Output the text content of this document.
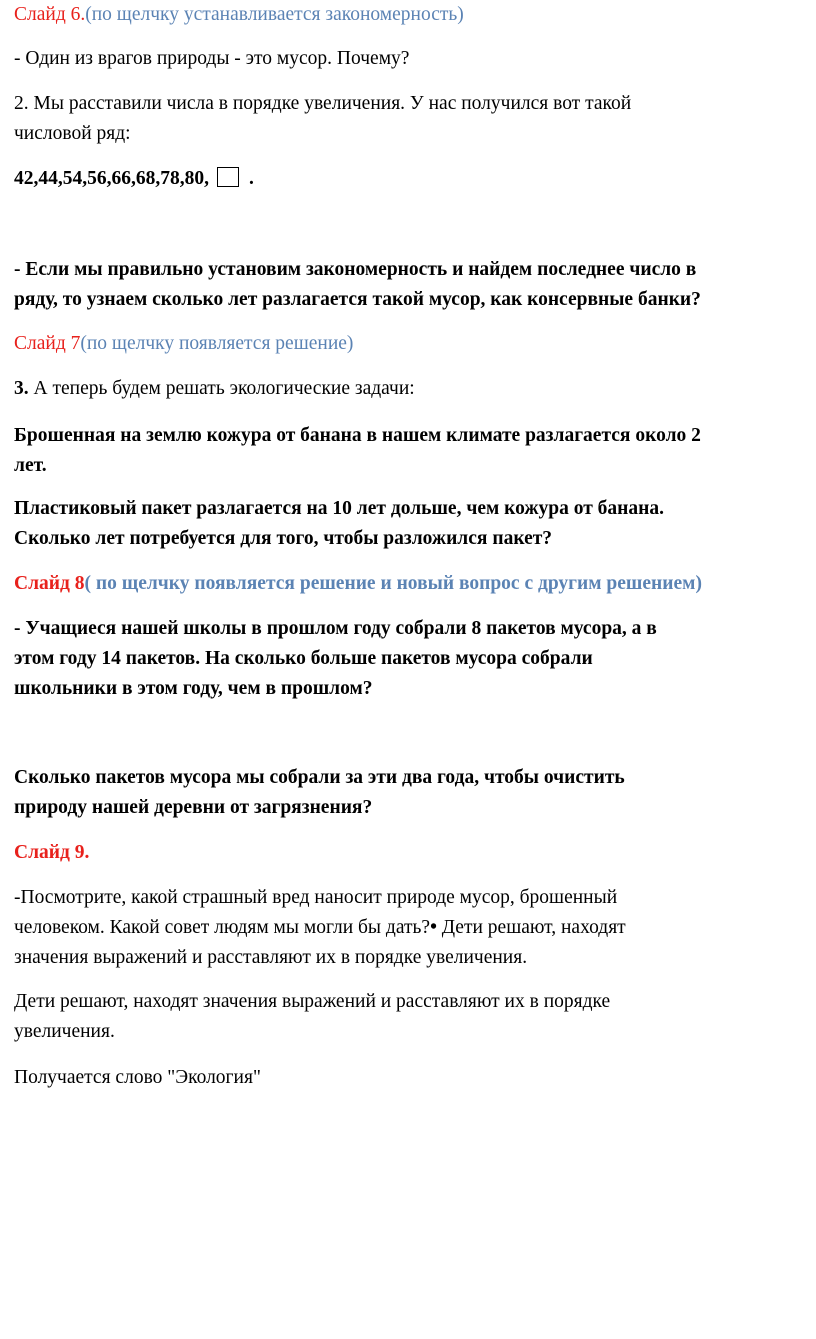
Слайд 6.(по щелчку устанавливается закономерность)
- Один из врагов природы - это мусор. Почему?
2. Мы расставили числа в порядке увеличения. У нас получился вот такой
числовой ряд:
42,44,54,56,66,68,78,80, .
- Если мы правильно установим закономерность и найдем последнее число в
ряду, то узнаем сколько лет разлагается такой мусор, как консервные банки?
Слайд 7(по щелчку появляется решение)
3. А теперь будем решать экологические задачи:
Брошенная на землю кожура от банана в нашем климате разлагается около 2
лет.
Пластиковый пакет разлагается на 10 лет дольше, чем кожура от банана.
Сколько лет потребуется для того, чтобы разложился пакет?
Слайд 8( по щелчку появляется решение и новый вопрос с другим решением)
- Учащиеся нашей школы в прошлом году собрали 8 пакетов мусора, а в
этом году 14 пакетов. На сколько больше пакетов мусора собрали
школьники в этом году, чем в прошлом?
Сколько пакетов мусора мы собрали за эти два года, чтобы очистить
природу нашей деревни от загрязнения?
Слайд 9.
-Посмотрите, какой страшный вред наносит природе мусор, брошенный
человеком. Какой совет людям мы могли бы дать?• Дети решают, находят
значения выражений и расставляют их в порядке увеличения.
Дети решают, находят значения выражений и расставляют их в порядке
увеличения.
Получается слово "Экология"
